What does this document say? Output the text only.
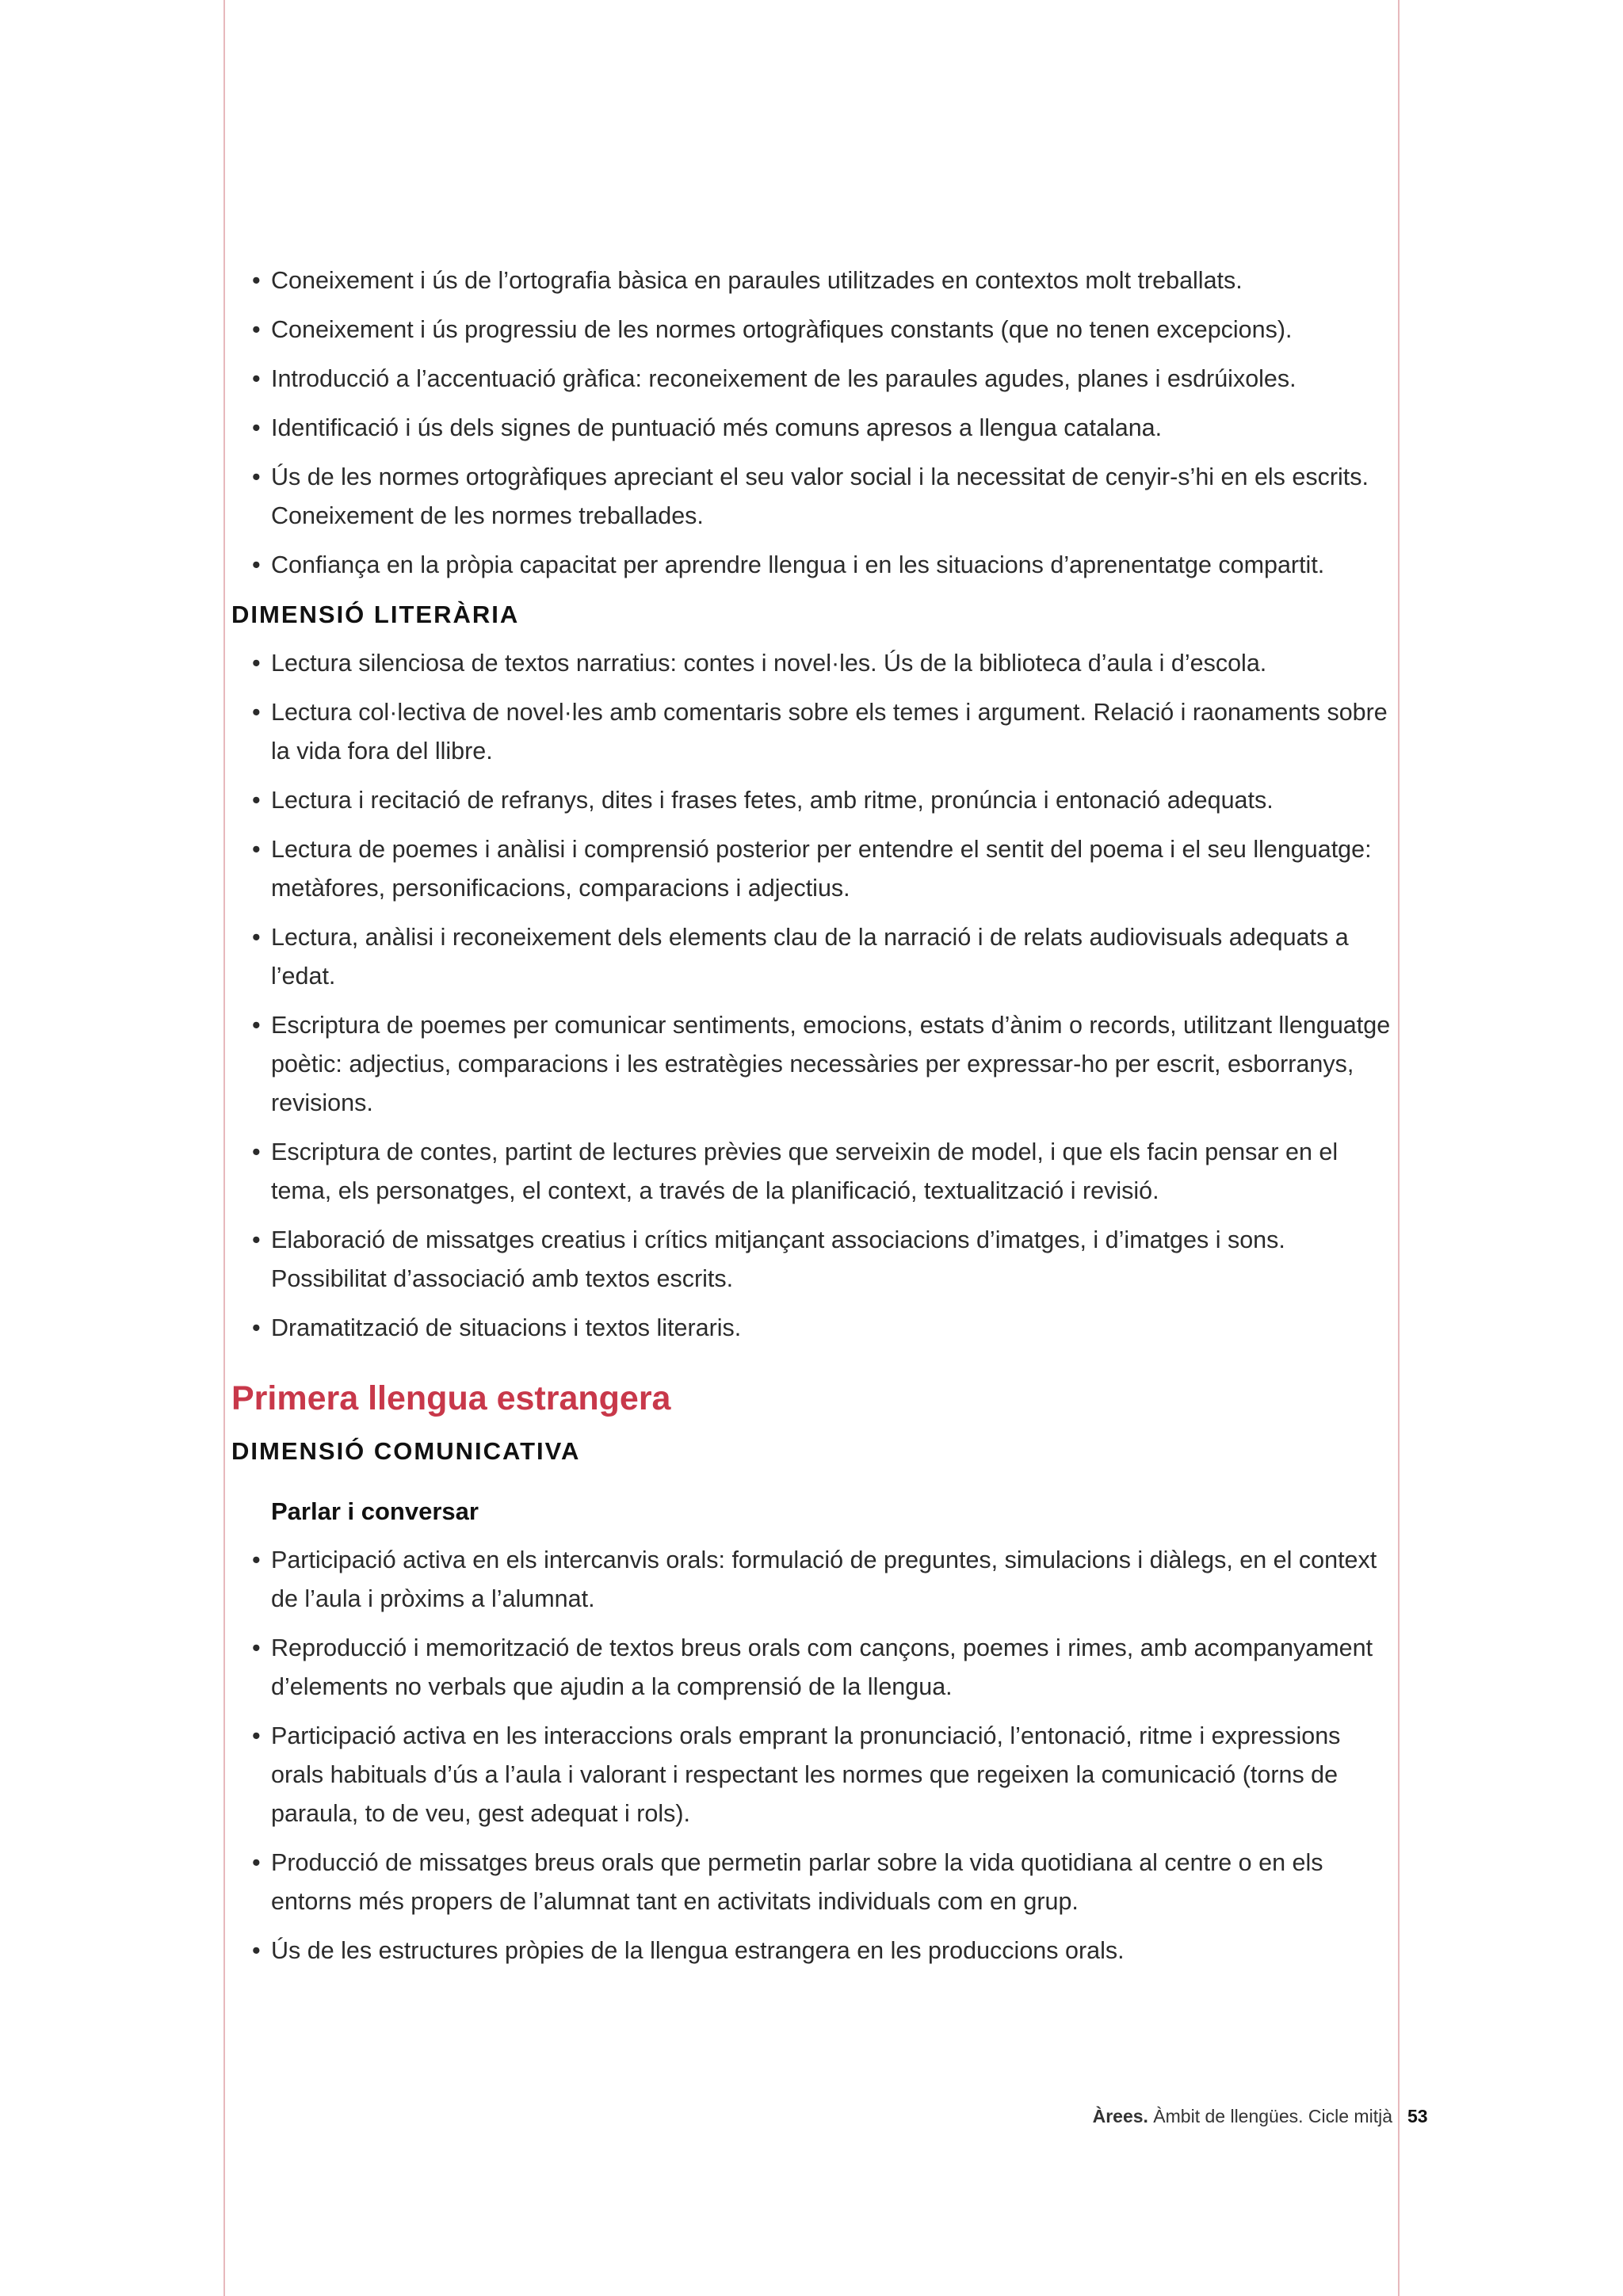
• Coneixement i ús de l’ortografia bàsica en paraules utilitzades en contextos molt treballats.
• Coneixement i ús progressiu de les normes ortogràfiques constants (que no tenen excepcions).
• Introducció a l’accentuació gràfica: reconeixement de les paraules agudes, planes i esdrúixoles.
• Identificació i ús dels signes de puntuació més comuns apresos a llengua catalana.
• Ús de les normes ortogràfiques apreciant el seu valor social i la necessitat de cenyir-s’hi en els escrits. Coneixement de les normes treballades.
• Confiança en la pròpia capacitat per aprendre llengua i en les situacions d’aprenentatge compartit.
DIMENSIÓ LITERÀRIA
• Lectura silenciosa de textos narratius: contes i novel·les. Ús de la biblioteca d’aula i d’escola.
• Lectura col·lectiva de novel·les amb comentaris sobre els temes i argument. Relació i raonaments sobre la vida fora del llibre.
• Lectura i recitació de refranys, dites i frases fetes, amb ritme, pronúncia i entonació adequats.
• Lectura de poemes i anàlisi i comprensió posterior per entendre el sentit del poema i el seu llenguatge: metàfores, personificacions, comparacions i adjectius.
• Lectura, anàlisi i reconeixement dels elements clau de la narració i de relats audiovisuals adequats a l’edat.
• Escriptura de poemes per comunicar sentiments, emocions, estats d’ànim o records, utilitzant llenguatge poètic: adjectius, comparacions i les estratègies necessàries per expressar-ho per escrit, esborranys, revisions.
• Escriptura de contes, partint de lectures prèvies que serveixin de model, i que els facin pensar en el tema, els personatges, el context, a través de la planificació, textualització i revisió.
• Elaboració de missatges creatius i crítics mitjançant associacions d’imatges, i d’imatges i sons. Possibilitat d’associació amb textos escrits.
• Dramatització de situacions i textos literaris.
Primera llengua estrangera
DIMENSIÓ COMUNICATIVA
Parlar i conversar
• Participació activa en els intercanvis orals: formulació de preguntes, simulacions i diàlegs, en el context de l’aula i pròxims a l’alumnat.
• Reproducció i memorització de textos breus orals com cançons, poemes i rimes, amb acompanyament d’elements no verbals que ajudin a la comprensió de la llengua.
• Participació activa en les interaccions orals emprant la pronunciació, l’entonació, ritme i expressions orals habituals d’ús a l’aula i valorant i respectant les normes que regeixen la comunicació (torns de paraula, to de veu, gest adequat i rols).
• Producció de missatges breus orals que permetin parlar sobre la vida quotidiana al centre o en els entorns més propers de l’alumnat tant en activitats individuals com en grup.
• Ús de les estructures pròpies de la llengua estrangera en les produccions orals.
Àrees. Àmbit de llengües. Cicle mitjà 53
